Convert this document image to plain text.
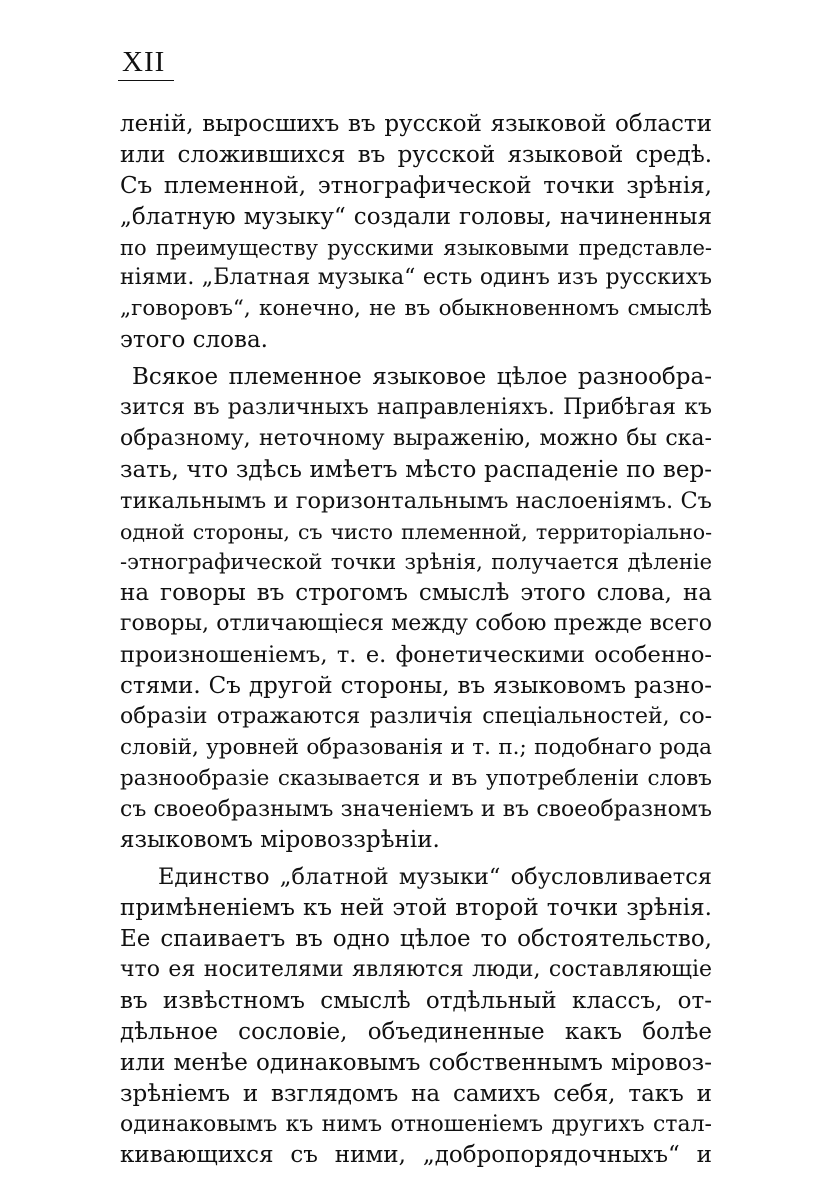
XII
леній, выросшихъ въ русской языковой области
или сложившихся въ русской языковой средѣ.
Съ племенной, этнографической точки зрѣнія,
„блатную музыку“ создали головы, начиненныя
по преимуществу русскими языковыми представле-
ніями. „Блатная музыка“ есть одинъ изъ русскихъ
„говоровъ“, конечно, не въ обыкновенномъ смыслѣ
этого слова.
Всякое племенное языковое цѣлое разнообра-
зится въ различныхъ направленіяхъ. Прибѣгая къ
образному, неточному выраженію, можно бы ска-
зать, что здѣсь имѣетъ мѣсто распаденіе по вер-
тикальнымъ и горизонтальнымъ наслоеніямъ. Съ
одной стороны, съ чисто племенной, территоріально-
-этнографической точки зрѣнія, получается дѣленіе
на говоры въ строгомъ смыслѣ этого слова, на
говоры, отличающіеся между собою прежде всего
произношеніемъ, т. е. фонетическими особенно-
стями. Съ другой стороны, въ языковомъ разно-
образіи отражаются различія спеціальностей, со-
словій, уровней образованія и т. п.; подобнаго рода
разнообразіе сказывается и въ употребленіи словъ
съ своеобразнымъ значеніемъ и въ своеобразномъ
языковомъ міровоззрѣніи.
Единство „блатной музыки“ обусловливается
примѣненіемъ къ ней этой второй точки зрѣнія.
Ее спаиваетъ въ одно цѣлое то обстоятельство,
что ея носителями являются люди, составляющіе
въ извѣстномъ смыслѣ отдѣльный классъ, от-
дѣльное сословіе, объединенные какъ болѣе
или менѣе одинаковымъ собственнымъ міровоз-
зрѣніемъ и взглядомъ на самихъ себя, такъ и
одинаковымъ къ нимъ отношеніемъ другихъ стал-
кивающихся съ ними, „добропорядочныхъ“ и
